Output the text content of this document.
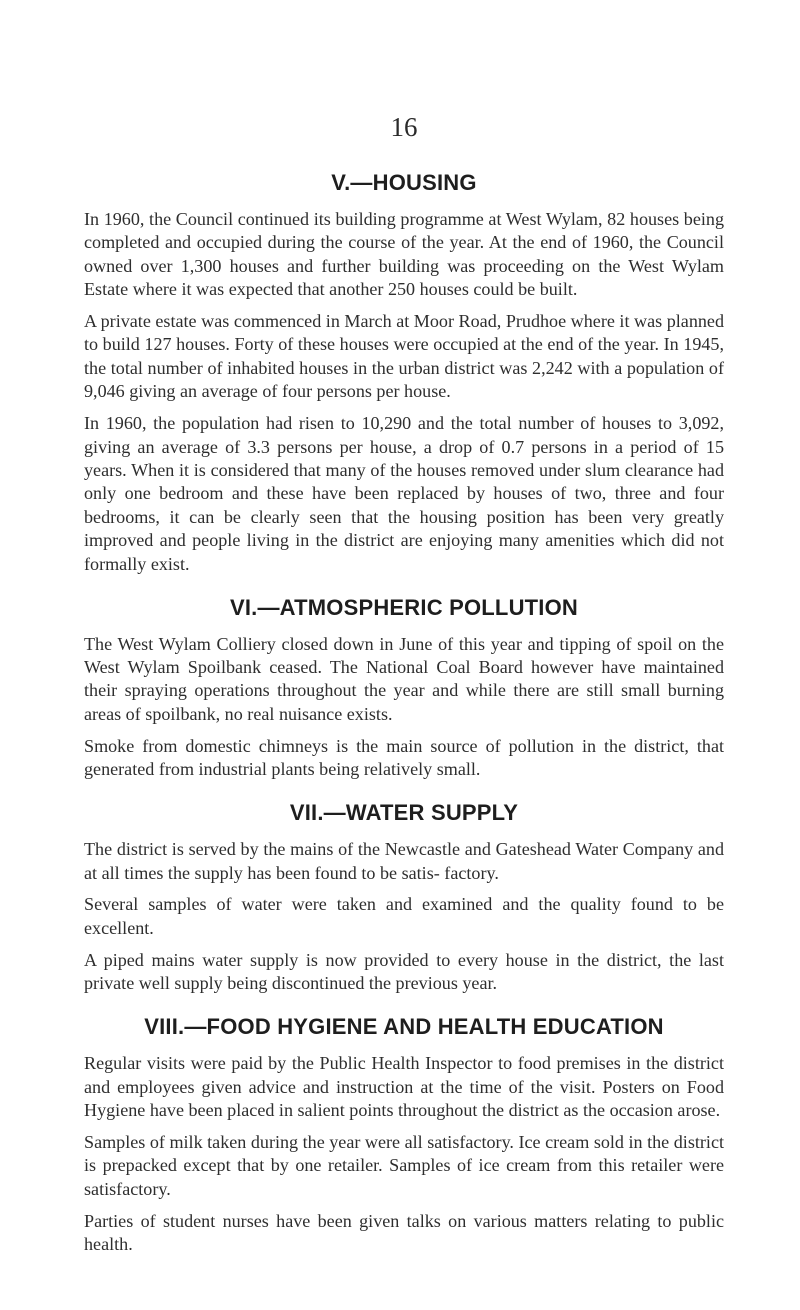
16
V.—HOUSING

In 1960, the Council continued its building programme at West Wylam, 82 houses being completed and occupied during the course of the year. At the end of 1960, the Council owned over 1,300 houses and further building was proceeding on the West Wylam Estate where it was expected that another 250 houses could be built.

A private estate was commenced in March at Moor Road, Prudhoe where it was planned to build 127 houses. Forty of these houses were occupied at the end of the year. In 1945, the total number of inhabited houses in the urban district was 2,242 with a population of 9,046 giving an average of four persons per house.

In 1960, the population had risen to 10,290 and the total number of houses to 3,092, giving an average of 3.3 persons per house, a drop of 0.7 persons in a period of 15 years. When it is considered that many of the houses removed under slum clearance had only one bedroom and these have been replaced by houses of two, three and four bedrooms, it can be clearly seen that the housing position has been very greatly improved and people living in the district are enjoying many amenities which did not formally exist.

VI.—ATMOSPHERIC POLLUTION

The West Wylam Colliery closed down in June of this year and tipping of spoil on the West Wylam Spoilbank ceased. The National Coal Board however have maintained their spraying operations throughout the year and while there are still small burning areas of spoilbank, no real nuisance exists.

Smoke from domestic chimneys is the main source of pollution in the district, that generated from industrial plants being relatively small.

VII.—WATER SUPPLY

The district is served by the mains of the Newcastle and Gateshead Water Company and at all times the supply has been found to be satis- factory.

Several samples of water were taken and examined and the quality found to be excellent.

A piped mains water supply is now provided to every house in the district, the last private well supply being discontinued the previous year.

VIII.—FOOD HYGIENE AND HEALTH EDUCATION

Regular visits were paid by the Public Health Inspector to food premises in the district and employees given advice and instruction at the time of the visit. Posters on Food Hygiene have been placed in salient points throughout the district as the occasion arose.

Samples of milk taken during the year were all satisfactory. Ice cream sold in the district is prepacked except that by one retailer. Samples of ice cream from this retailer were satisfactory.

Parties of student nurses have been given talks on various matters relating to public health.
